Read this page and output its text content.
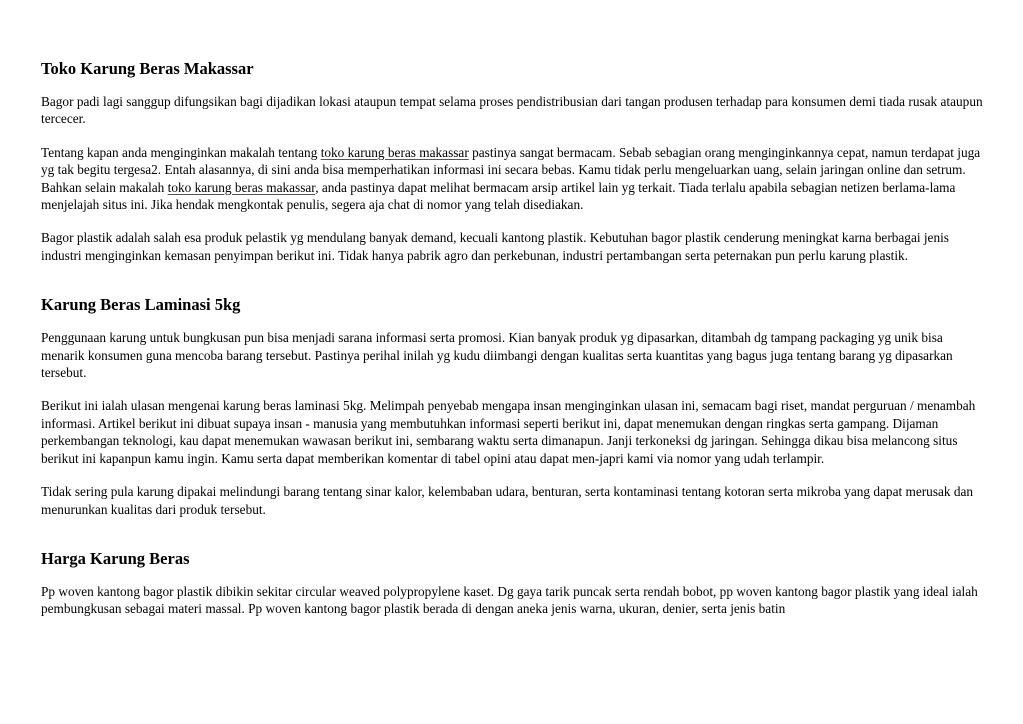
Toko Karung Beras Makassar

Bagor padi lagi sanggup difungsikan bagi dijadikan lokasi ataupun tempat selama proses pendistribusian dari tangan produsen terhadap para konsumen demi tiada rusak ataupun tercecer.

Tentang kapan anda menginginkan makalah tentang toko karung beras makassar pastinya sangat bermacam. Sebab sebagian orang menginginkannya cepat, namun terdapat juga yg tak begitu tergesa2. Entah alasannya, di sini anda bisa memperhatikan informasi ini secara bebas. Kamu tidak perlu mengeluarkan uang, selain jaringan online dan setrum. Bahkan selain makalah toko karung beras makassar, anda pastinya dapat melihat bermacam arsip artikel lain yg terkait. Tiada terlalu apabila sebagian netizen berlama-lama menjelajah situs ini. Jika hendak mengkontak penulis, segera aja chat di nomor yang telah disediakan.

Bagor plastik adalah salah esa produk pelastik yg mendulang banyak demand, kecuali kantong plastik. Kebutuhan bagor plastik cenderung meningkat karna berbagai jenis industri menginginkan kemasan penyimpan berikut ini. Tidak hanya pabrik agro dan perkebunan, industri pertambangan serta peternakan pun perlu karung plastik.

Karung Beras Laminasi 5kg

Penggunaan karung untuk bungkusan pun bisa menjadi sarana informasi serta promosi. Kian banyak produk yg dipasarkan, ditambah dg tampang packaging yg unik bisa menarik konsumen guna mencoba barang tersebut. Pastinya perihal inilah yg kudu diimbangi dengan kualitas serta kuantitas yang bagus juga tentang barang yg dipasarkan tersebut.

Berikut ini ialah ulasan mengenai karung beras laminasi 5kg. Melimpah penyebab mengapa insan menginginkan ulasan ini, semacam bagi riset, mandat perguruan / menambah informasi. Artikel berikut ini dibuat supaya insan - manusia yang membutuhkan informasi seperti berikut ini, dapat menemukan dengan ringkas serta gampang. Dijaman perkembangan teknologi, kau dapat menemukan wawasan berikut ini, sembarang waktu serta dimanapun. Janji terkoneksi dg jaringan. Sehingga dikau bisa melancong situs berikut ini kapanpun kamu ingin. Kamu serta dapat memberikan komentar di tabel opini atau dapat men-japri kami via nomor yang udah terlampir.

Tidak sering pula karung dipakai melindungi barang tentang sinar kalor, kelembaban udara, benturan, serta kontaminasi tentang kotoran serta mikroba yang dapat merusak dan menurunkan kualitas dari produk tersebut.

Harga Karung Beras

Pp woven kantong bagor plastik dibikin sekitar circular weaved polypropylene kaset. Dg gaya tarik puncak serta rendah bobot, pp woven kantong bagor plastik yang ideal ialah pembungkusan sebagai materi massal. Pp woven kantong bagor plastik berada di dengan aneka jenis warna, ukuran, denier, serta jenis batin
